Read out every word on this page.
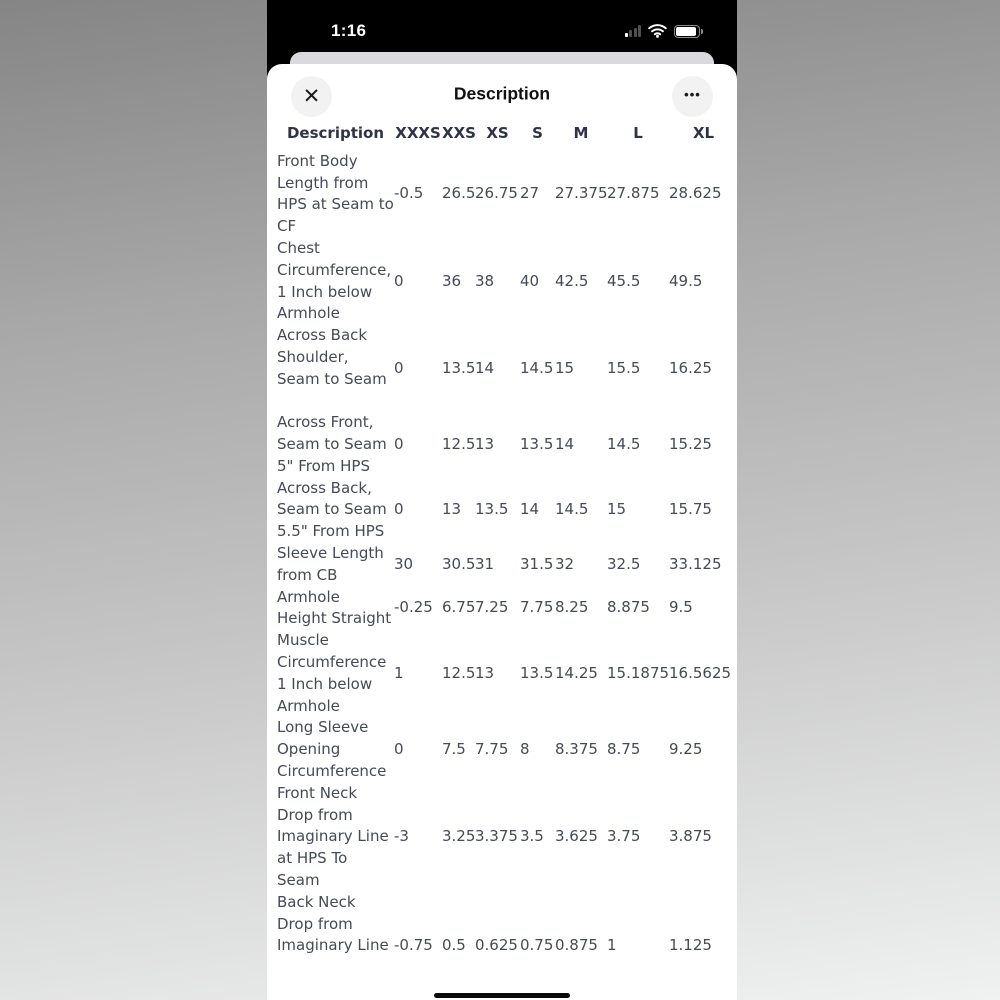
1:16
✕	Description	•••
Description	XXXS	XXS	XS	S	M	L	XL
Front Body Length from HPS at Seam to CF	-0.5	26.5	26.75	27	27.375	27.875	28.625
Chest Circumference, 1 Inch below Armhole	0	36	38	40	42.5	45.5	49.5
Across Back Shoulder, Seam to Seam	0	13.5	14	14.5	15	15.5	16.25
Across Front, Seam to Seam 5" From HPS	0	12.5	13	13.5	14	14.5	15.25
Across Back, Seam to Seam 5.5" From HPS	0	13	13.5	14	14.5	15	15.75
Sleeve Length from CB	30	30.5	31	31.5	32	32.5	33.125
Armhole Height Straight	-0.25	6.75	7.25	7.75	8.25	8.875	9.5
Muscle Circumference 1 Inch below Armhole	1	12.5	13	13.5	14.25	15.1875	16.5625
Long Sleeve Opening Circumference	0	7.5	7.75	8	8.375	8.75	9.25
Front Neck Drop from Imaginary Line at HPS To Seam	-3	3.25	3.375	3.5	3.625	3.75	3.875
Back Neck Drop from Imaginary Line	-0.75	0.5	0.625	0.75	0.875	1	1.125
